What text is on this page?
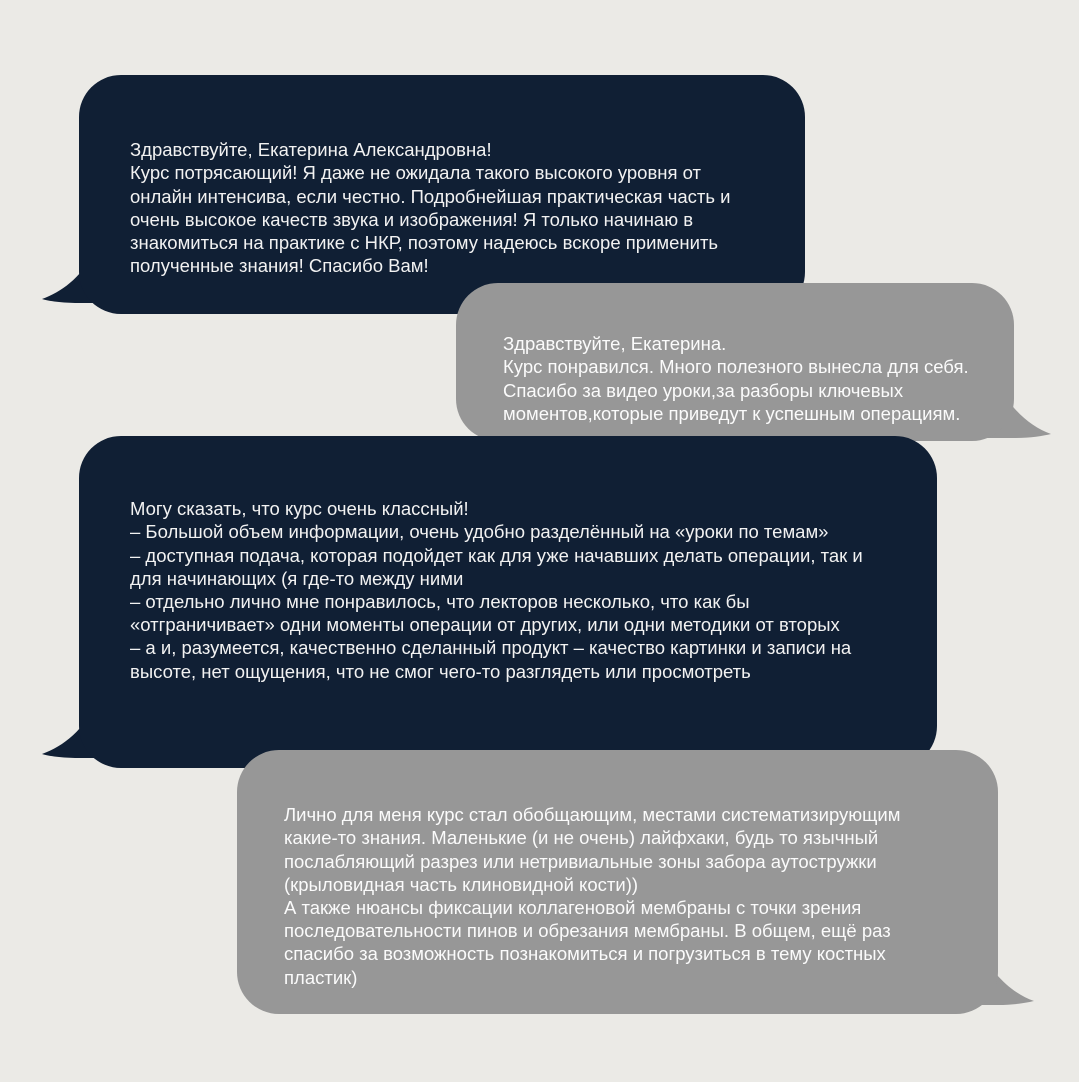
Здравствуйте, Екатерина Александровна!
Курс потрясающий! Я даже не ожидала такого высокого уровня от онлайн интенсива, если честно. Подробнейшая практическая часть и очень высокое качеств звука и изображения! Я только начинаю в знакомиться на практике с НКР, поэтому надеюсь вскоре применить полученные знания! Спасибо Вам!

Здравствуйте, Екатерина.
Курс понравился. Много полезного вынесла для себя. Спасибо за видео уроки,за разборы ключевых моментов,которые приведут к успешным операциям.

Могу сказать, что курс очень классный!
– Большой объем информации, очень удобно разделённый на «уроки по темам»
– доступная подача, которая подойдет как для уже начавших делать операции, так и для начинающих (я где-то между ними
– отдельно лично мне понравилось, что лекторов несколько, что как бы «отграничивает» одни моменты операции от других, или одни методики от вторых
– а и, разумеется, качественно сделанный продукт – качество картинки и записи на высоте, нет ощущения, что не смог чего-то разглядеть или просмотреть

Лично для меня курс стал обобщающим, местами систематизирующим какие-то знания. Маленькие (и не очень) лайфхаки, будь то язычный послабляющий разрез или нетривиальные зоны забора аутостружки (крыловидная часть клиновидной кости))
А также нюансы фиксации коллагеновой мембраны с точки зрения последовательности пинов и обрезания мембраны. В общем, ещё раз спасибо за возможность познакомиться и погрузиться в тему костных пластик)
